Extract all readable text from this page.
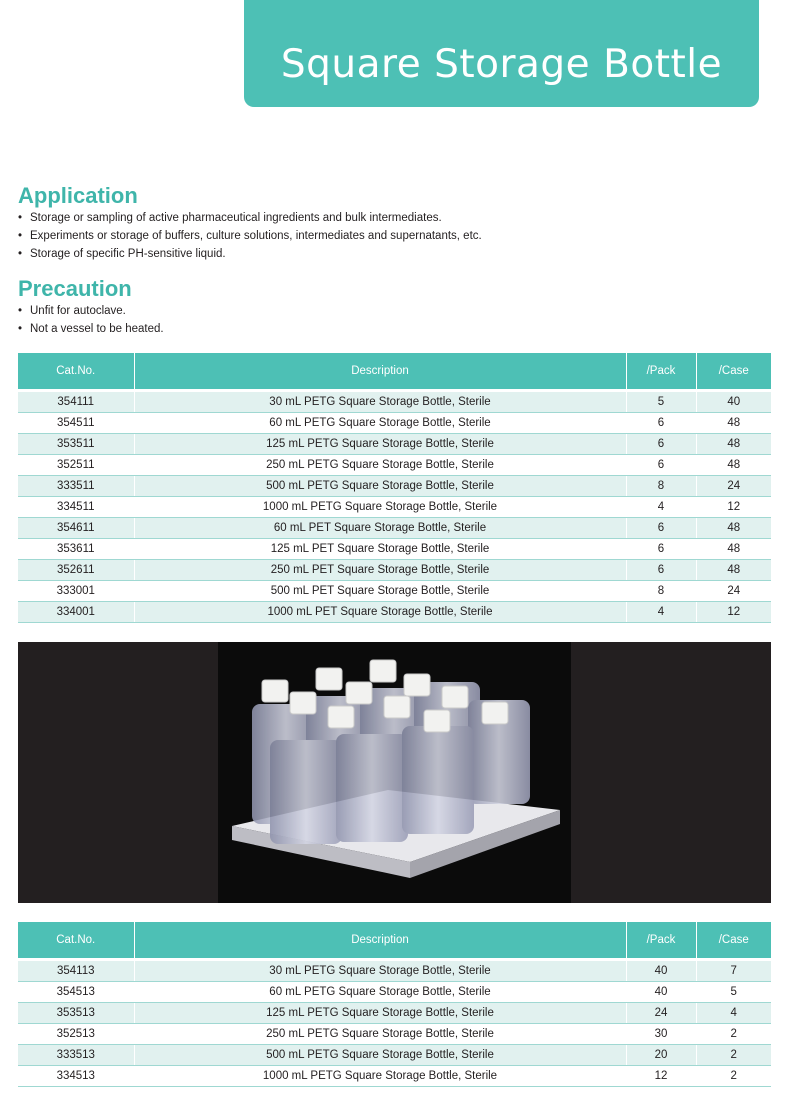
Square Storage Bottle
Application
• Storage or sampling of active pharmaceutical ingredients and bulk intermediates.
• Experiments or storage of buffers, culture solutions, intermediates and supernatants, etc.
• Storage of specific PH-sensitive liquid.
Precaution
• Unfit for autoclave.
• Not a vessel to be heated.
Cat.No.	Description	/Pack	/Case

354111	30 mL PETG Square Storage Bottle, Sterile	5	40
354511	60 mL PETG Square Storage Bottle, Sterile	6	48
353511	125 mL PETG Square Storage Bottle, Sterile	6	48
352511	250 mL PETG Square Storage Bottle, Sterile	6	48
333511	500 mL PETG Square Storage Bottle, Sterile	8	24
334511	1000 mL PETG Square Storage Bottle, Sterile	4	12
354611	60 mL PET Square Storage Bottle, Sterile	6	48
353611	125 mL PET Square Storage Bottle, Sterile	6	48
352611	250 mL PET Square Storage Bottle, Sterile	6	48
333001	500 mL PET Square Storage Bottle, Sterile	8	24
334001	1000 mL PET Square Storage Bottle, Sterile	4	12
Cat.No.	Description	/Pack	/Case

354113	30 mL PETG Square Storage Bottle, Sterile	40	7
354513	60 mL PETG Square Storage Bottle, Sterile	40	5
353513	125 mL PETG Square Storage Bottle, Sterile	24	4
352513	250 mL PETG Square Storage Bottle, Sterile	30	2
333513	500 mL PETG Square Storage Bottle, Sterile	20	2
334513	1000 mL PETG Square Storage Bottle, Sterile	12	2
